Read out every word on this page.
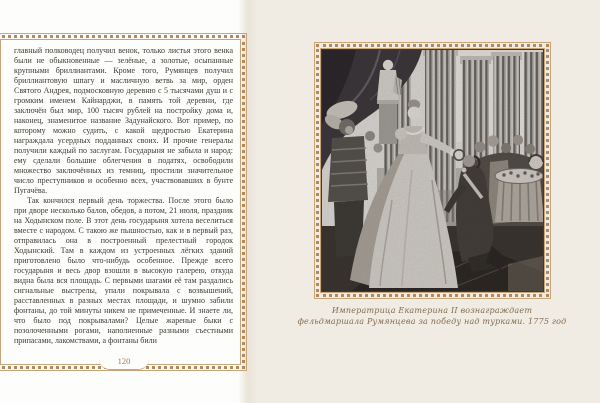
главный полководец получил венок, только листья этого венка были не обыкновенные — зелёные, а золотые, осыпанные крупными бриллиантами. Кроме того, Румянцев получил бриллиантовую шпагу и масличную ветвь за мир, орден Святого Андрея, подмосковную деревню с 5 тысячами душ и с громким именем Кайнарджи, в память той деревни, где заключён был мир, 100 тысяч рублей на постройку дома и, наконец, знаменитое название Задунайского. Вот пример, по которому можно судить, с какой щедростью Екатерина награждала усердных подданных своих. И прочие генералы получили каждый по заслугам. Государыня не забыла и народ: ему сделали большие облегчения в податях, освободили множество заключённых из темниц, простили значительное число преступников и особенно всех, участвовавших в бунте Пугачёва.

Так кончился первый день торжества. После этого было при дворе несколько балов, обедов, а потом, 21 июля, праздник на Ходынском поле. В этот день государыня хотела веселиться вместе с народом. С такою же пышностью, как и в первый раз, отправилась она в построенный прелестный городок Ходынский. Там в каждом из устроенных лёгких зданий приготовлено было что-нибудь особенное. Прежде всего государыня и весь двор взошли в высокую галерею, откуда видна была вся площадь. С первыми шагами её там раздались сигнальные выстрелы, упали покрывала с возвышений, расставленных в разных местах площади, и шумно забили фонтаны, до той минуты никем не примеченные. И знаете ли, что было под покрывалами? Целые жареные быки с позолоченными рогами, наполненные разными съестными припасами, лакомствами, а фонтаны били

120
Императрица Екатерина II вознаграждает
фельдмаршала Румянцева за победу над турками. 1775 год
